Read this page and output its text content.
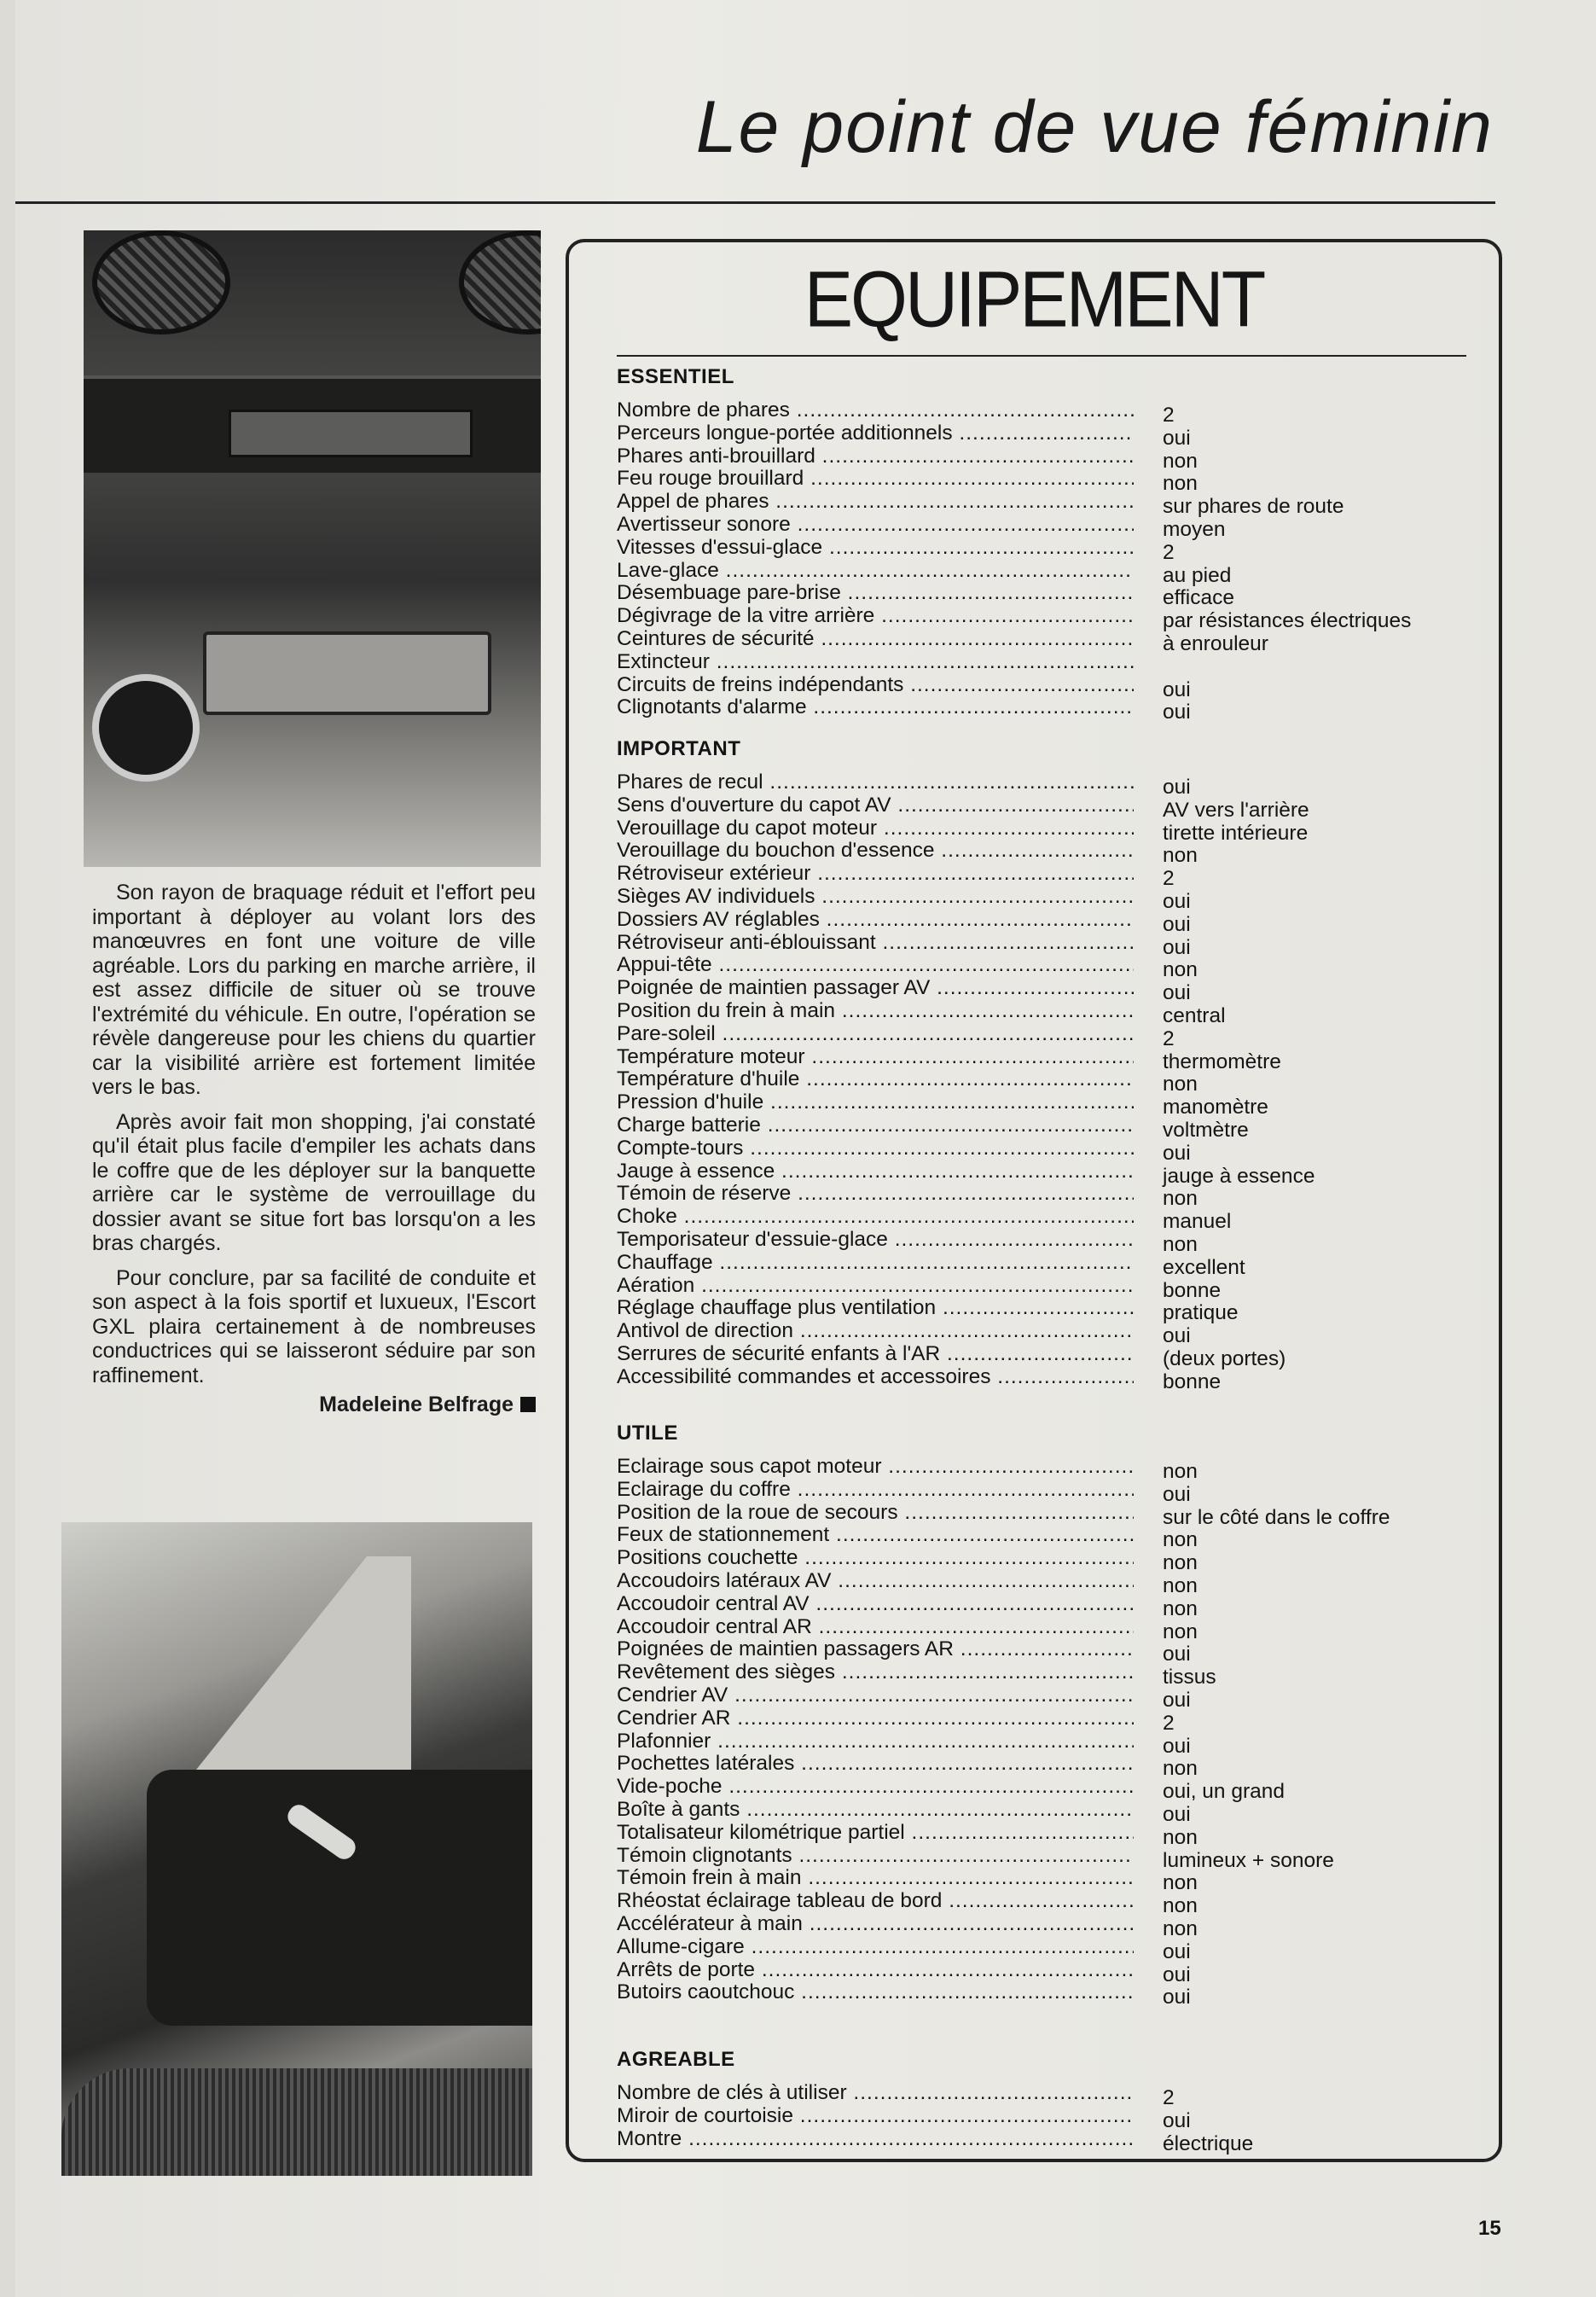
Le point de vue féminin

Son rayon de braquage réduit et l'effort peu important à déployer au volant lors des manœuvres en font une voiture de ville agréable. Lors du parking en marche arrière, il est assez difficile de situer où se trouve l'extrémité du véhicule. En outre, l'opération se révèle dangereuse pour les chiens du quartier car la visibilité arrière est fortement limitée vers le bas.

Après avoir fait mon shopping, j'ai constaté qu'il était plus facile d'empiler les achats dans le coffre que de les déployer sur la banquette arrière car le système de verrouillage du dossier avant se situe fort bas lorsqu'on a les bras chargés.

Pour conclure, par sa facilité de conduite et son aspect à la fois sportif et luxueux, l'Escort GXL plaira certainement à de nombreuses conductrices qui se laisseront séduire par son raffinement.

Madeleine Belfrage
EQUIPEMENT
ESSENTIEL
Nombre de phares .....	2
Perceurs longue-portée additionnels .....	oui
Phares anti-brouillard .....	non
Feu rouge brouillard .....	non
Appel de phares .....	sur phares de route
Avertisseur sonore .....	moyen
Vitesses d'essui-glace .....	2
Lave-glace .....	au pied
Désembuage pare-brise .....	efficace
Dégivrage de la vitre arrière .....	par résistances électriques
Ceintures de sécurité .....	à enrouleur
Extincteur .....
Circuits de freins indépendants .....	oui
Clignotants d'alarme .....	oui
IMPORTANT
Phares de recul .....	oui
Sens d'ouverture du capot AV .....	AV vers l'arrière
Verouillage du capot moteur .....	tirette intérieure
Verouillage du bouchon d'essence .....	non
Rétroviseur extérieur .....	2
Sièges AV individuels .....	oui
Dossiers AV réglables .....	oui
Rétroviseur anti-éblouissant .....	oui
Appui-tête .....	non
Poignée de maintien passager AV .....	oui
Position du frein à main .....	central
Pare-soleil .....	2
Température moteur .....	thermomètre
Température d'huile .....	non
Pression d'huile .....	manomètre
Charge batterie .....	voltmètre
Compte-tours .....	oui
Jauge à essence .....	jauge à essence
Témoin de réserve .....	non
Choke .....	manuel
Temporisateur d'essuie-glace .....	non
Chauffage .....	excellent
Aération .....	bonne
Réglage chauffage plus ventilation .....	pratique
Antivol de direction .....	oui
Serrures de sécurité enfants à l'AR .....	(deux portes)
Accessibilité commandes et accessoires .....	bonne
UTILE
Eclairage sous capot moteur .....	non
Eclairage du coffre .....	oui
Position de la roue de secours .....	sur le côté dans le coffre
Feux de stationnement .....	non
Positions couchette .....	non
Accoudoirs latéraux AV .....	non
Accoudoir central AV .....	non
Accoudoir central AR .....	non
Poignées de maintien passagers AR .....	oui
Revêtement des sièges .....	tissus
Cendrier AV .....	oui
Cendrier AR .....	2
Plafonnier .....	oui
Pochettes latérales .....	non
Vide-poche .....	oui, un grand
Boîte à gants .....	oui
Totalisateur kilométrique partiel .....	non
Témoin clignotants .....	lumineux + sonore
Témoin frein à main .....	non
Rhéostat éclairage tableau de bord .....	non
Accélérateur à main .....	non
Allume-cigare .....	oui
Arrêts de porte .....	oui
Butoirs caoutchouc .....	oui
AGREABLE
Nombre de clés à utiliser .....	2
Miroir de courtoisie .....	oui
Montre .....	électrique
15
